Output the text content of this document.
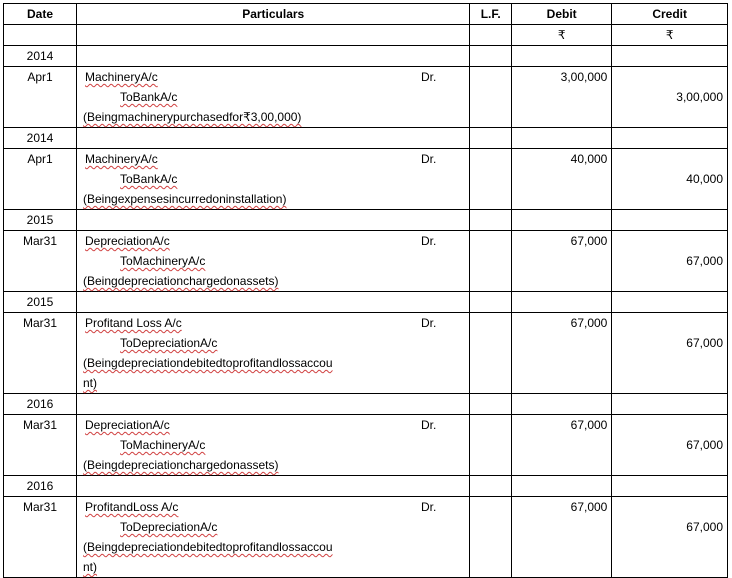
Date	Particulars	L.F.	Debit	Credit
			₹	₹
2014				
Apr1	MachineryA/c Dr.
ToBankA/c
(Beingmachinerypurchasedfor₹3,00,000)		3,00,000	3,00,000

2014				
Apr1	MachineryA/c Dr.
ToBankA/c
(Beingexpensesincurredoninstallation)		40,000	40,000

2015				
Mar31	DepreciationA/c Dr.
ToMachineryA/c
(Beingdepreciationchargedonassets)		67,000	67,000

2015				
Mar31	Profitand Loss A/c Dr.
ToDepreciationA/c
(Beingdepreciationdebitedtoprofitandlossaccou
nt)		67,000	67,000

2016				
Mar31	DepreciationA/c Dr.
ToMachineryA/c
(Beingdepreciationchargedonassets)		67,000	67,000

2016				
Mar31	ProfitandLoss A/c Dr.
ToDepreciationA/c
(Beingdepreciationdebitedtoprofitandlossaccou
nt)		67,000	67,000
